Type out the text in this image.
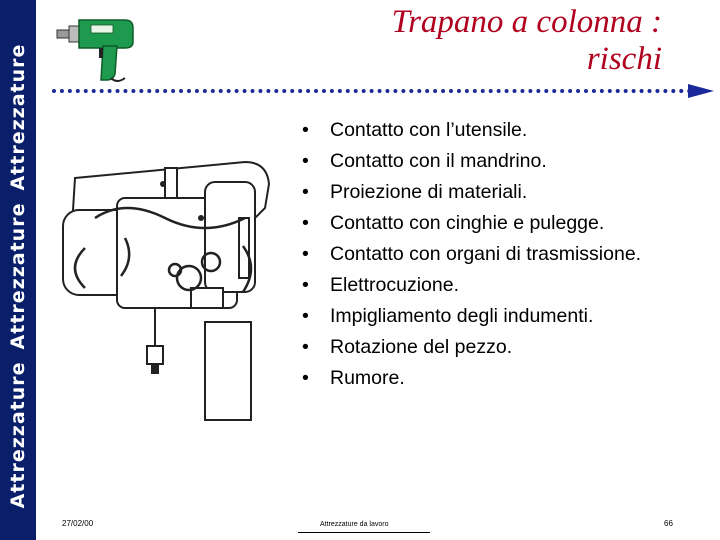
AttrezzatureAttrezzatureAttrezzature
Trapano a colonna :
rischi
• Contatto con l’utensile.
• Contatto con il mandrino.
• Proiezione di materiali.
• Contatto con cinghie e pulegge.
• Contatto con organi di trasmissione.
• Elettrocuzione.
• Impigliamento degli indumenti.
• Rotazione del pezzo.
• Rumore.
27/02/00	Attrezzature da lavoro	66
